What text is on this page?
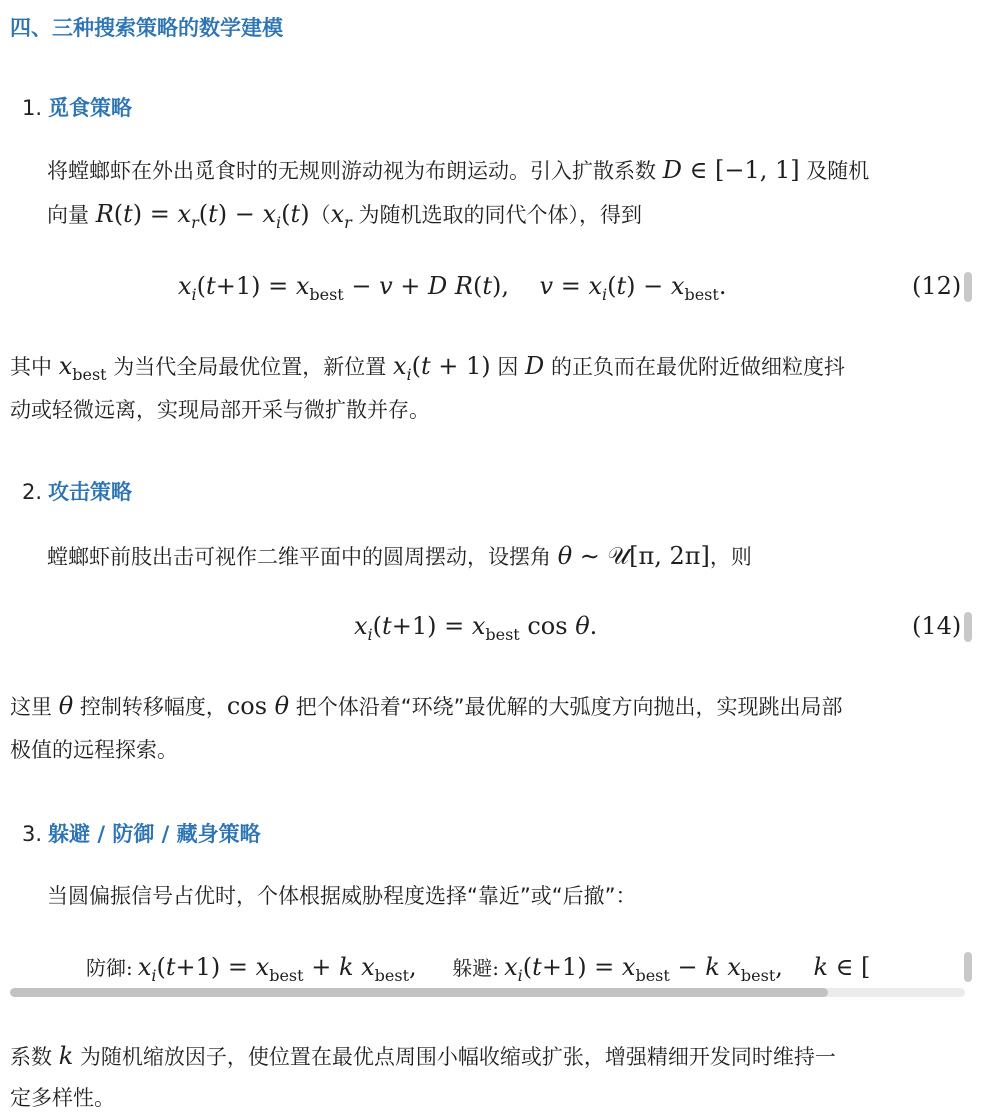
四、三种搜索策略的数学建模
1. 觅食策略
将螳螂虾在外出觅食时的无规则游动视为布朗运动。引入扩散系数 D ∈ [−1, 1] 及随机
向量 $R(t) = x_r(t) - x_i(t)(x_r$ 为随机选取的同代个体），得到
$x_i(t+1) = x_{best} - v + D$ R(t),    $v = x_i(t) - x_{best}$.	(12)
其中 $x_{best}$ 为当代全局最优位置，新位置 $x_i(t + 1)$ 因 D 的正负而在最优附近做细粒度抖
动或轻微远离，实现局部开采与微扩散并存。
2. 攻击策略
螳螂虾前肢出击可视作二维平面中的圆周摆动，设摆角 θ ∼ 𝒰[π, 2π]，则
$x_i(t+1) = x_{best}$ cos θ.	(14)
这里 θ 控制转移幅度，cos θ 把个体沿着“环绕”最优解的大弧度方向抛出，实现跳出局部
极值的远程探索。
3. 躲避 / 防御 / 藏身策略
当圆偏振信号占优时，个体根据威胁程度选择“靠近”或“后撤”：
防御: $x_i(t+1) = x_{best} + k$ $x_{best}$,     躲避: $x_i(t+1) = x_{best} - k$ $x_{best}$,    k ∈ [
系数 k 为随机缩放因子，使位置在最优点周围小幅收缩或扩张，增强精细开发同时维持一
定多样性。
